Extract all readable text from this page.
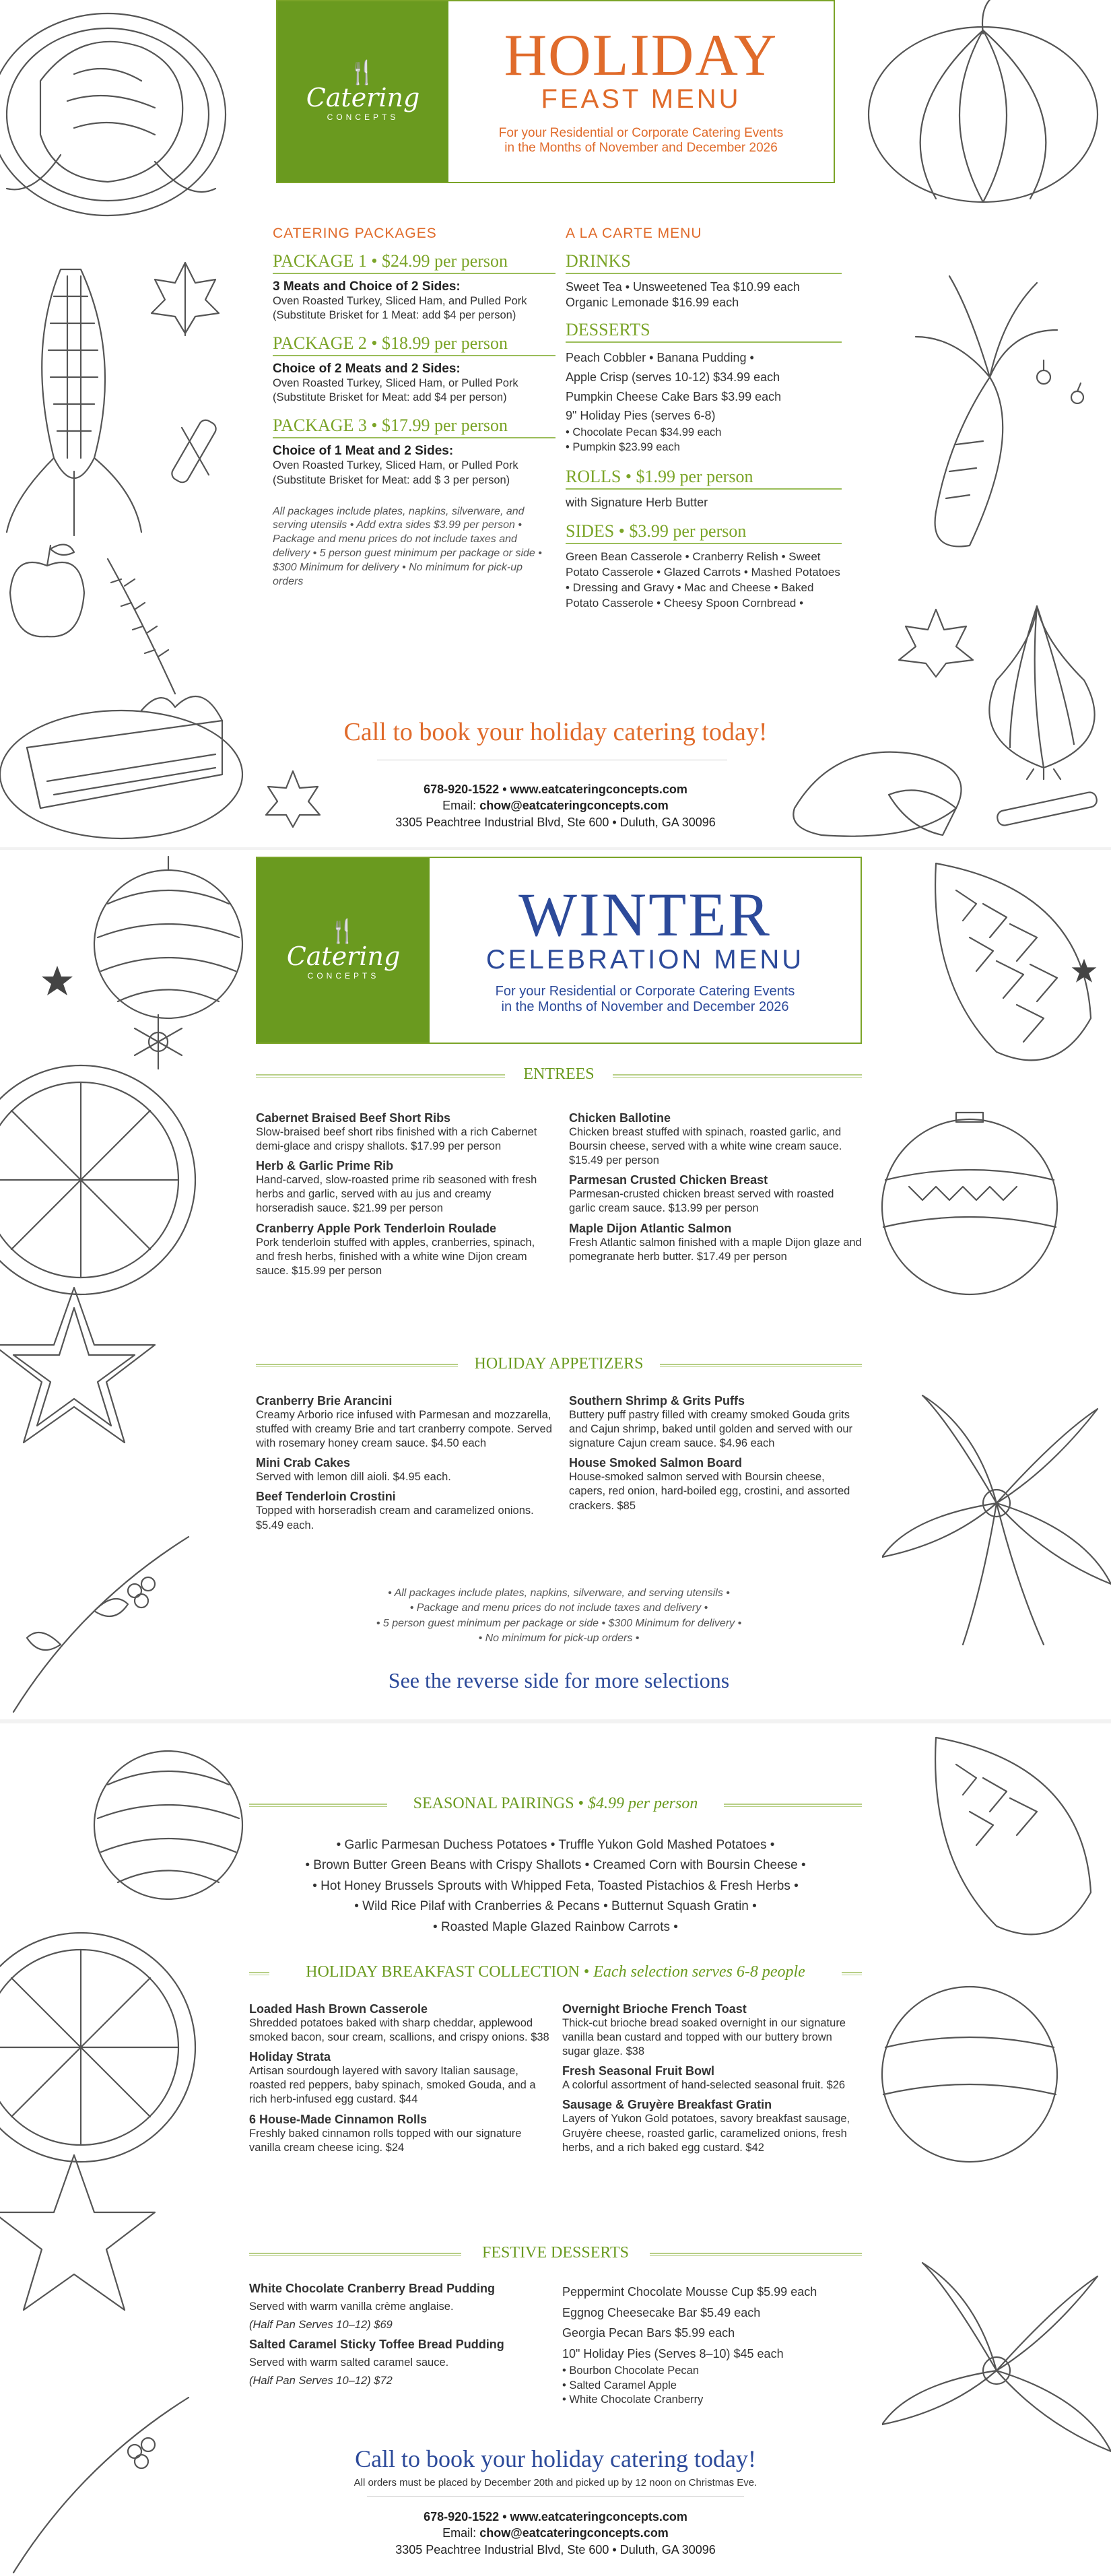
🍴
Catering
CONCEPTS
HOLIDAY
FEAST MENU
For your Residential or Corporate Catering Events
in the Months of November and December 2026
CATERING PACKAGES
PACKAGE 1 • $24.99 per person
3 Meats and Choice of 2 Sides:
Oven Roasted Turkey, Sliced Ham, and Pulled Pork (Substitute Brisket for 1 Meat: add $4 per person)
PACKAGE 2 • $18.99 per person
Choice of 2 Meats and 2 Sides:
Oven Roasted Turkey, Sliced Ham, or Pulled Pork (Substitute Brisket for Meat: add $4 per person)
PACKAGE 3 • $17.99 per person
Choice of 1 Meat and 2 Sides:
Oven Roasted Turkey, Sliced Ham, or Pulled Pork (Substitute Brisket for Meat: add $ 3 per person)
All packages include plates, napkins, silverware, and serving utensils • Add extra sides $3.99 per person • Package and menu prices do not include taxes and delivery • 5 person guest minimum per package or side • $300 Minimum for delivery • No minimum for pick-up orders
A LA CARTE MENU
DRINKS
Sweet Tea • Unsweetened Tea $10.99 each
Organic Lemonade $16.99 each
DESSERTS
Peach Cobbler • Banana Pudding •
Apple Crisp (serves 10-12) $34.99 each
Pumpkin Cheese Cake Bars $3.99 each
9" Holiday Pies (serves 6-8)
• Chocolate Pecan $34.99 each
• Pumpkin $23.99 each
ROLLS • $1.99 per person
with Signature Herb Butter
SIDES • $3.99 per person
Green Bean Casserole • Cranberry Relish • Sweet Potato Casserole • Glazed Carrots • Mashed Potatoes • Dressing and Gravy • Mac and Cheese • Baked Potato Casserole • Cheesy Spoon Cornbread •
Call to book your holiday catering today!
678-920-1522 • www.eatcateringconcepts.com
Email: chow@eatcateringconcepts.com
3305 Peachtree Industrial Blvd, Ste 600 • Duluth, GA 30096
🍴
Catering
CONCEPTS
WINTER
CELEBRATION MENU
For your Residential or Corporate Catering Events
in the Months of November and December 2026
ENTREES
Cabernet Braised Beef Short Ribs
Slow-braised beef short ribs finished with a rich Cabernet demi-glace and crispy shallots. $17.99 per person
Herb & Garlic Prime Rib
Hand-carved, slow-roasted prime rib seasoned with fresh herbs and garlic, served with au jus and creamy horseradish sauce. $21.99 per person
Cranberry Apple Pork Tenderloin Roulade
Pork tenderloin stuffed with apples, cranberries, spinach, and fresh herbs, finished with a white wine Dijon cream sauce. $15.99 per person
Chicken Ballotine
Chicken breast stuffed with spinach, roasted garlic, and Boursin cheese, served with a white wine cream sauce. $15.49 per person
Parmesan Crusted Chicken Breast
Parmesan-crusted chicken breast served with roasted garlic cream sauce. $13.99 per person
Maple Dijon Atlantic Salmon
Fresh Atlantic salmon finished with a maple Dijon glaze and pomegranate herb butter. $17.49 per person
HOLIDAY APPETIZERS
Cranberry Brie Arancini
Creamy Arborio rice infused with Parmesan and mozzarella, stuffed with creamy Brie and tart cranberry compote. Served with rosemary honey cream sauce. $4.50 each
Mini Crab Cakes
Served with lemon dill aioli. $4.95 each.
Beef Tenderloin Crostini
Topped with horseradish cream and caramelized onions. $5.49 each.
Southern Shrimp & Grits Puffs
Buttery puff pastry filled with creamy smoked Gouda grits and Cajun shrimp, baked until golden and served with our signature Cajun cream sauce. $4.96 each
House Smoked Salmon Board
House-smoked salmon served with Boursin cheese, capers, red onion, hard-boiled egg, crostini, and assorted crackers. $85
• All packages include plates, napkins, silverware, and serving utensils •
• Package and menu prices do not include taxes and delivery •
• 5 person guest minimum per package or side • $300 Minimum for delivery •
• No minimum for pick-up orders •
See the reverse side for more selections
SEASONAL PAIRINGS • $4.99 per person
• Garlic Parmesan Duchess Potatoes • Truffle Yukon Gold Mashed Potatoes •
• Brown Butter Green Beans with Crispy Shallots • Creamed Corn with Boursin Cheese •
• Hot Honey Brussels Sprouts with Whipped Feta, Toasted Pistachios & Fresh Herbs •
• Wild Rice Pilaf with Cranberries & Pecans • Butternut Squash Gratin •
• Roasted Maple Glazed Rainbow Carrots •
HOLIDAY BREAKFAST COLLECTION • Each selection serves 6-8 people
Loaded Hash Brown Casserole
Shredded potatoes baked with sharp cheddar, applewood smoked bacon, sour cream, scallions, and crispy onions. $38
Holiday Strata
Artisan sourdough layered with savory Italian sausage, roasted red peppers, baby spinach, smoked Gouda, and a rich herb-infused egg custard. $44
6 House-Made Cinnamon Rolls
Freshly baked cinnamon rolls topped with our signature vanilla cream cheese icing. $24
Overnight Brioche French Toast
Thick-cut brioche bread soaked overnight in our signature vanilla bean custard and topped with our buttery brown sugar glaze. $38
Fresh Seasonal Fruit Bowl
A colorful assortment of hand-selected seasonal fruit. $26
Sausage & Gruyère Breakfast Gratin
Layers of Yukon Gold potatoes, savory breakfast sausage, Gruyère cheese, roasted garlic, caramelized onions, fresh herbs, and a rich baked egg custard. $42
FESTIVE DESSERTS
White Chocolate Cranberry Bread Pudding
Served with warm vanilla crème anglaise.
(Half Pan Serves 10–12) $69
Salted Caramel Sticky Toffee Bread Pudding
Served with warm salted caramel sauce.
(Half Pan Serves 10–12) $72
Peppermint Chocolate Mousse Cup $5.99 each
Eggnog Cheesecake Bar $5.49 each
Georgia Pecan Bars $5.99 each
10" Holiday Pies (Serves 8–10) $45 each
• Bourbon Chocolate Pecan
• Salted Caramel Apple
• White Chocolate Cranberry
Call to book your holiday catering today!
All orders must be placed by December 20th and picked up by 12 noon on Christmas Eve.
678-920-1522 • www.eatcateringconcepts.com
Email: chow@eatcateringconcepts.com
3305 Peachtree Industrial Blvd, Ste 600 • Duluth, GA 30096
